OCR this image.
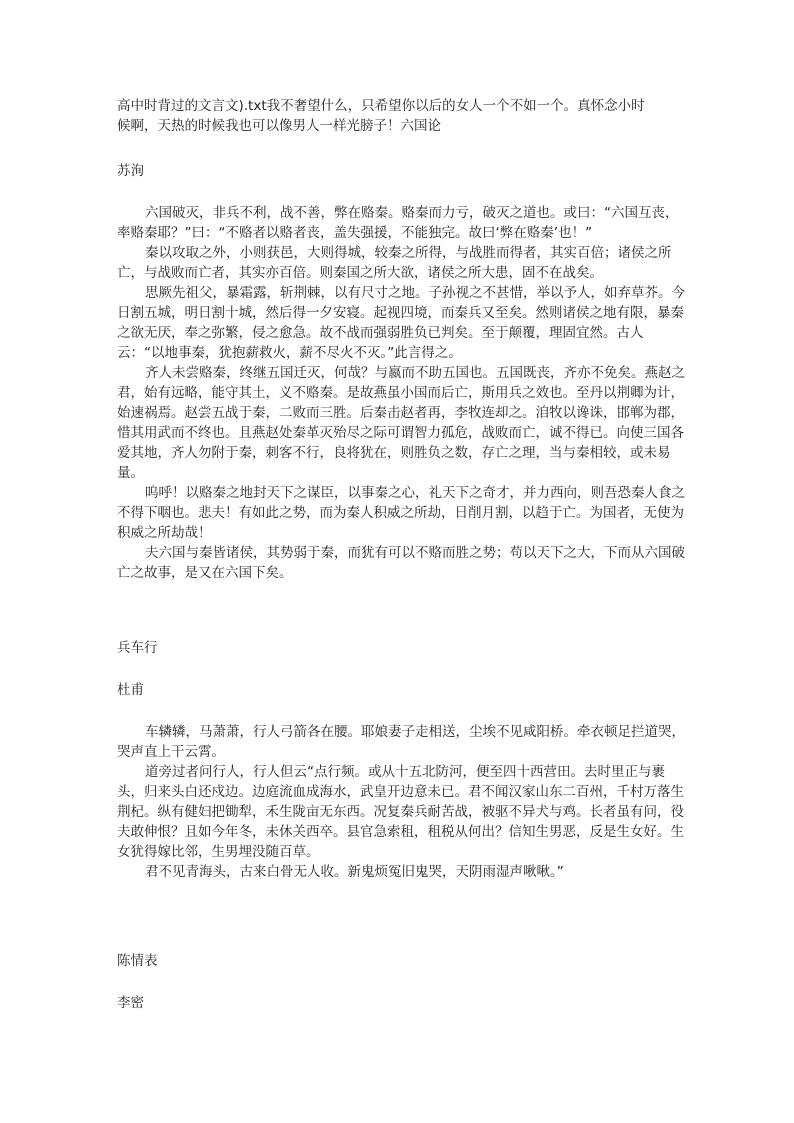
高中时背过的文言文).txt我不奢望什么，只希望你以后的女人一个不如一个。真怀念小时
候啊，天热的时候我也可以像男人一样光膀子！六国论
苏洵

六国破灭，非兵不利，战不善，弊在赂秦。赂秦而力亏，破灭之道也。或曰：“六国互丧，率赂秦耶？”曰：“不赂者以赂者丧，盖失强援，不能独完。故曰‘弊在赂秦’也！”

秦以攻取之外，小则获邑，大则得城，较秦之所得，与战胜而得者，其实百倍；诸侯之所亡，与战败而亡者，其实亦百倍。则秦国之所大欲，诸侯之所大患，固不在战矣。

思厥先祖父，暴霜露，斩荆棘，以有尺寸之地。子孙视之不甚惜，举以予人，如弃草芥。今日割五城，明日割十城，然后得一夕安寝。起视四境，而秦兵又至矣。然则诸侯之地有限，暴秦之欲无厌，奉之弥繁，侵之愈急。故不战而强弱胜负已判矣。至于颠覆，理固宜然。古人云：“以地事秦，犹抱薪救火，薪不尽火不灭。”此言得之。

齐人未尝赂秦，终继五国迁灭，何哉？与嬴而不助五国也。五国既丧，齐亦不免矣。燕赵之君，始有远略，能守其土，义不赂秦。是故燕虽小国而后亡，斯用兵之效也。至丹以荆卿为计，始速祸焉。赵尝五战于秦，二败而三胜。后秦击赵者再，李牧连却之。洎牧以谗诛，邯郸为郡，惜其用武而不终也。且燕赵处秦革灭殆尽之际可谓智力孤危，战败而亡，诚不得已。向使三国各爱其地，齐人勿附于秦，刺客不行，良将犹在，则胜负之数，存亡之理，当与秦相较，或未易量。

呜呼！以赂秦之地封天下之谋臣，以事秦之心，礼天下之奇才，并力西向，则吾恐秦人食之不得下咽也。悲夫！有如此之势，而为秦人积威之所劫，日削月割，以趋于亡。为国者，无使为积威之所劫哉！

夫六国与秦皆诸侯，其势弱于秦，而犹有可以不赂而胜之势；苟以天下之大，下而从六国破亡之故事，是又在六国下矣。

兵车行
杜甫

车辚辚，马萧萧，行人弓箭各在腰。耶娘妻子走相送，尘埃不见咸阳桥。牵衣顿足拦道哭，哭声直上干云霄。

道旁过者问行人，行人但云“点行频。或从十五北防河，便至四十西营田。去时里正与裹头，归来头白还戍边。边庭流血成海水，武皇开边意未已。君不闻汉家山东二百州，千村万落生荆杞。纵有健妇把锄犁，禾生陇亩无东西。况复秦兵耐苦战，被驱不异犬与鸡。长者虽有问，役夫敢伸恨？且如今年冬，未休关西卒。县官急索租，租税从何出？信知生男恶，反是生女好。生女犹得嫁比邻，生男埋没随百草。

君不见青海头，古来白骨无人收。新鬼烦冤旧鬼哭，天阴雨湿声啾啾。”

陈情表
李密
